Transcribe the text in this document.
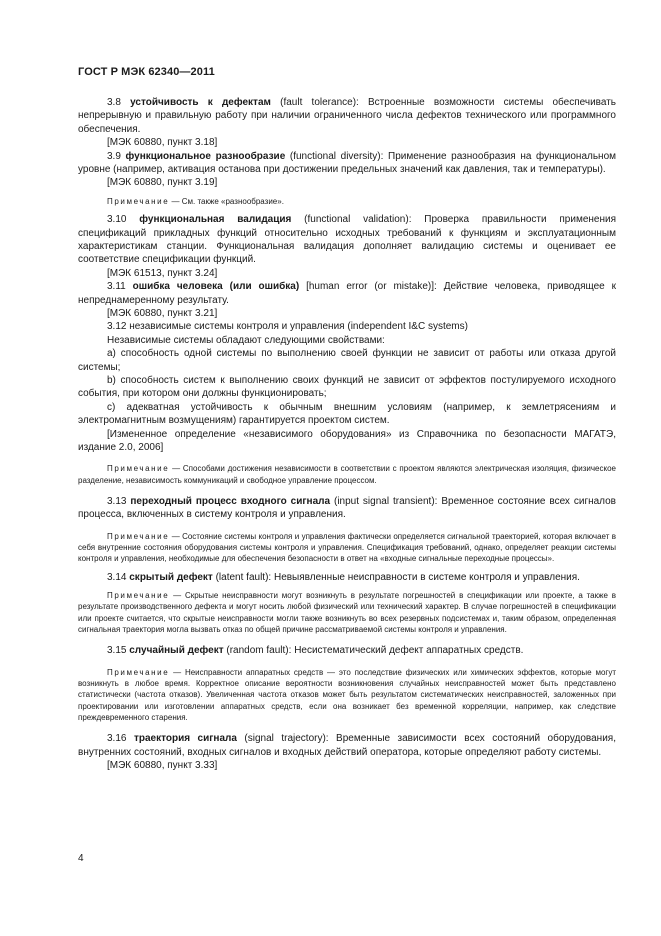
ГОСТ Р МЭК 62340—2011

3.8 устойчивость к дефектам (fault tolerance): Встроенные возможности системы обеспечивать непрерывную и правильную работу при наличии ограниченного числа дефектов технического или программного обеспечения.

[МЭК 60880, пункт 3.18]

3.9 функциональное разнообразие (functional diversity): Применение разнообразия на функциональном уровне (например, активация останова при достижении предельных значений как давления, так и температуры).

[МЭК 60880, пункт 3.19]

Примечание — См. также «разнообразие».

3.10 функциональная валидация (functional validation): Проверка правильности применения спецификаций прикладных функций относительно исходных требований к функциям и эксплуатационным характеристикам станции. Функциональная валидация дополняет валидацию системы и оценивает ее соответствие спецификации функций.

[МЭК 61513, пункт 3.24]

3.11 ошибка человека (или ошибка) [human error (or mistake)]: Действие человека, приводящее к непреднамеренному результату.

[МЭК 60880, пункт 3.21]

3.12 независимые системы контроля и управления (independent I&C systems)

Независимые системы обладают следующими свойствами:

a) способность одной системы по выполнению своей функции не зависит от работы или отказа другой системы;

b) способность систем к выполнению своих функций не зависит от эффектов постулируемого исходного события, при котором они должны функционировать;

c) адекватная устойчивость к обычным внешним условиям (например, к землетрясениям и электромагнитным возмущениям) гарантируется проектом систем.

[Измененное определение «независимого оборудования» из Справочника по безопасности МАГАТЭ, издание 2.0, 2006]

Примечание — Способами достижения независимости в соответствии с проектом являются электрическая изоляция, физическое разделение, независимость коммуникаций и свободное управление процессом.

3.13 переходный процесс входного сигнала (input signal transient): Временное состояние всех сигналов процесса, включенных в систему контроля и управления.

Примечание — Состояние системы контроля и управления фактически определяется сигнальной траекторией, которая включает в себя внутренние состояния оборудования системы контроля и управления. Спецификация требований, однако, определяет реакции системы контроля и управления, необходимые для обеспечения безопасности в ответ на «входные сигнальные переходные процессы».

3.14 скрытый дефект (latent fault): Невыявленные неисправности в системе контроля и управления.

Примечание — Скрытые неисправности могут возникнуть в результате погрешностей в спецификации или проекте, а также в результате производственного дефекта и могут носить любой физический или технический характер. В случае погрешностей в спецификации или проекте считается, что скрытые неисправности могли также возникнуть во всех резервных подсистемах и, таким образом, определенная сигнальная траектория могла вызвать отказ по общей причине рассматриваемой системы контроля и управления.

3.15 случайный дефект (random fault): Несистематический дефект аппаратных средств.

Примечание — Неисправности аппаратных средств — это последствие физических или химических эффектов, которые могут возникнуть в любое время. Корректное описание вероятности возникновения случайных неисправностей может быть представлено статистически (частота отказов). Увеличенная частота отказов может быть результатом систематических неисправностей, заложенных при проектировании или изготовлении аппаратных средств, если она возникает без временной корреляции, например, как следствие преждевременного старения.

3.16 траектория сигнала (signal trajectory): Временные зависимости всех состояний оборудования, внутренних состояний, входных сигналов и входных действий оператора, которые определяют работу системы.

[МЭК 60880, пункт 3.33]

4
